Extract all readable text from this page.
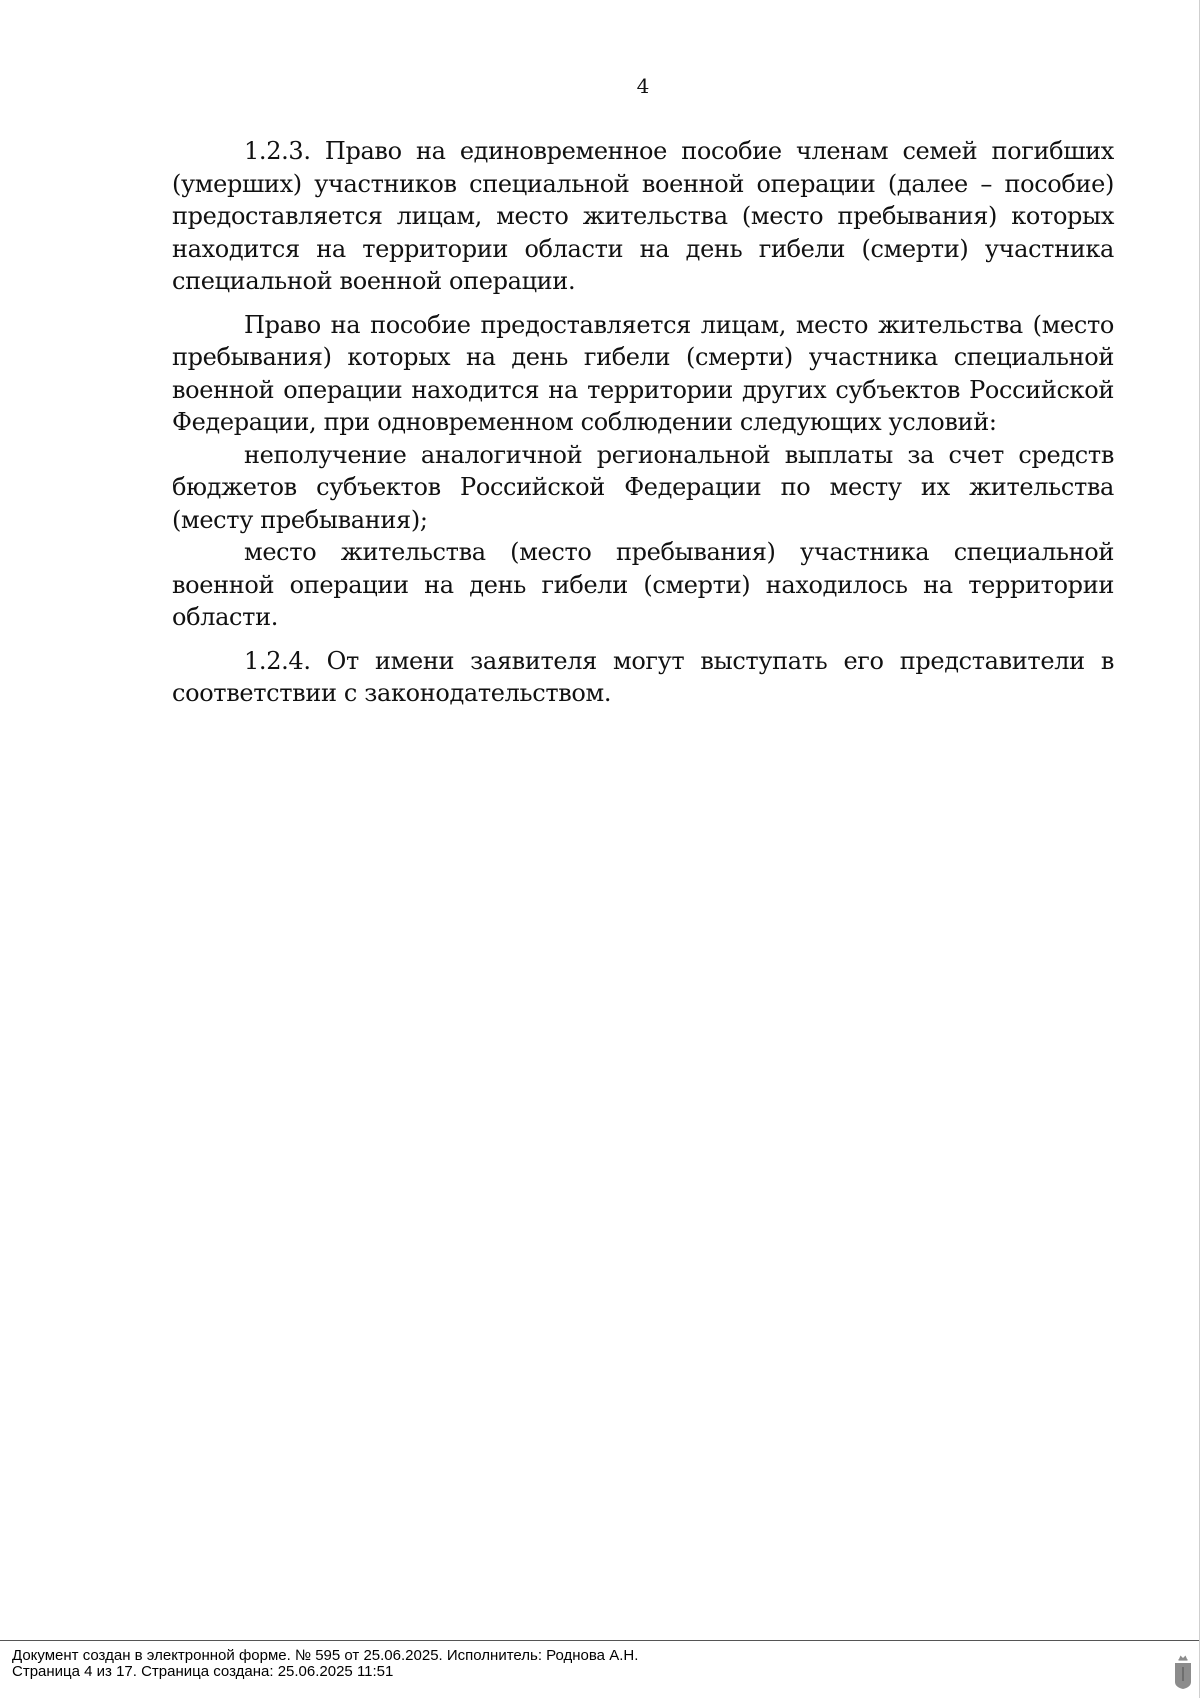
4

1.2.3. Право на единовременное пособие членам семей погибших (умерших) участников специальной военной операции (далее – пособие) предоставляется лицам, место жительства (место пребывания) которых находится на территории области на день гибели (смерти) участника специальной военной операции.

Право на пособие предоставляется лицам, место жительства (место пребывания) которых на день гибели (смерти) участника специальной военной операции находится на территории других субъектов Российской Федерации, при одновременном соблюдении следующих условий:

неполучение аналогичной региональной выплаты за счет средств бюджетов субъектов Российской Федерации по месту их жительства (месту пребывания);

место жительства (место пребывания) участника специальной военной операции на день гибели (смерти) находилось на территории области.

1.2.4. От имени заявителя могут выступать его представители в соответствии с законодательством.

Документ создан в электронной форме. № 595 от 25.06.2025. Исполнитель: Роднова А.Н.
Страница 4 из 17. Страница создана: 25.06.2025 11:51
